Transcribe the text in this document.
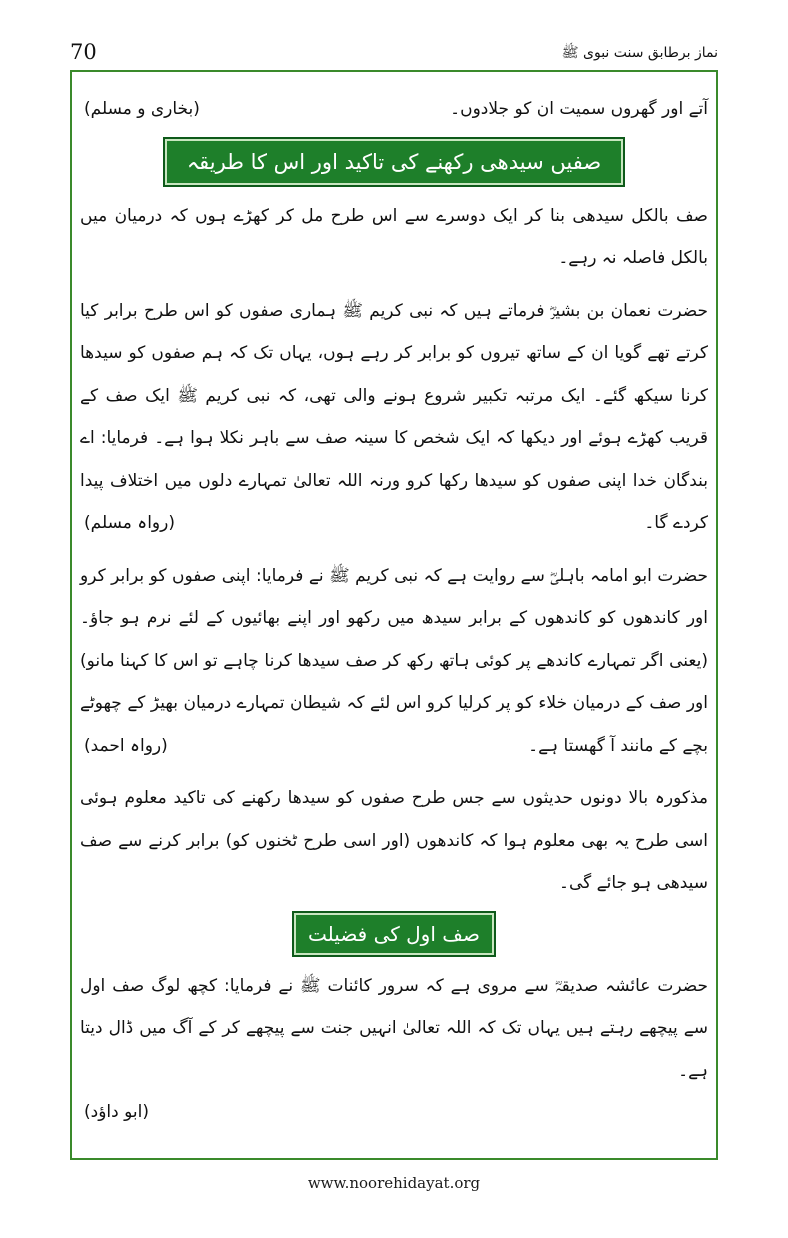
70	نماز برطابق سنت نبوی ﷺ

(بخاری و مسلم)	آتے اور گھروں سمیت ان کو جلادوں۔

صفیں سیدھی رکھنے کی تاکید اور اس کا طریقہ

صف بالکل سیدھی بنا کر ایک دوسرے سے اس طرح مل کر کھڑے ہوں کہ درمیان میں بالکل فاصلہ نہ رہے۔

حضرت نعمان بن بشیرؓ فرماتے ہیں کہ نبی کریم ﷺ ہماری صفوں کو اس طرح برابر کیا کرتے تھے گویا ان کے ساتھ تیروں کو برابر کر رہے ہوں، یہاں تک کہ ہم صفوں کو سیدھا کرنا سیکھ گئے۔ ایک مرتبہ تکبیر شروع ہونے والی تھی، کہ نبی کریم ﷺ ایک صف کے قریب کھڑے ہوئے اور دیکھا کہ ایک شخص کا سینہ صف سے باہر نکلا ہوا ہے۔ فرمایا: اے بندگان خدا اپنی صفوں کو سیدھا رکھا کرو ورنہ اللہ تعالیٰ تمہارے دلوں میں اختلاف پیدا کردے گا۔
(رواہ مسلم)

حضرت ابو امامہ باہلیؓ سے روایت ہے کہ نبی کریم ﷺ نے فرمایا: اپنی صفوں کو برابر کرو اور کاندھوں کو کاندھوں کے برابر سیدھ میں رکھو اور اپنے بھائیوں کے لئے نرم ہو جاؤ۔ (یعنی اگر تمہارے کاندھے پر کوئی ہاتھ رکھ کر صف سیدھا کرنا چاہے تو اس کا کہنا مانو) اور صف کے درمیان خلاء کو پر کرلیا کرو اس لئے کہ شیطان تمہارے درمیان بھیڑ کے چھوٹے بچے کے مانند آ گھستا ہے۔
(رواہ احمد)

مذکورہ بالا دونوں حدیثوں سے جس طرح صفوں کو سیدھا رکھنے کی تاکید معلوم ہوئی اسی طرح یہ بھی معلوم ہوا کہ کاندھوں (اور اسی طرح ٹخنوں کو) برابر کرنے سے صف سیدھی ہو جائے گی۔

صف اول کی فضیلت

حضرت عائشہ صدیقہؓ سے مروی ہے کہ سرور کائنات ﷺ نے فرمایا: کچھ لوگ صف اول سے پیچھے رہتے ہیں یہاں تک کہ اللہ تعالیٰ انہیں جنت سے پیچھے کر کے آگ میں ڈال دیتا ہے۔

(ابو داؤد)
www.noorehidayat.org
